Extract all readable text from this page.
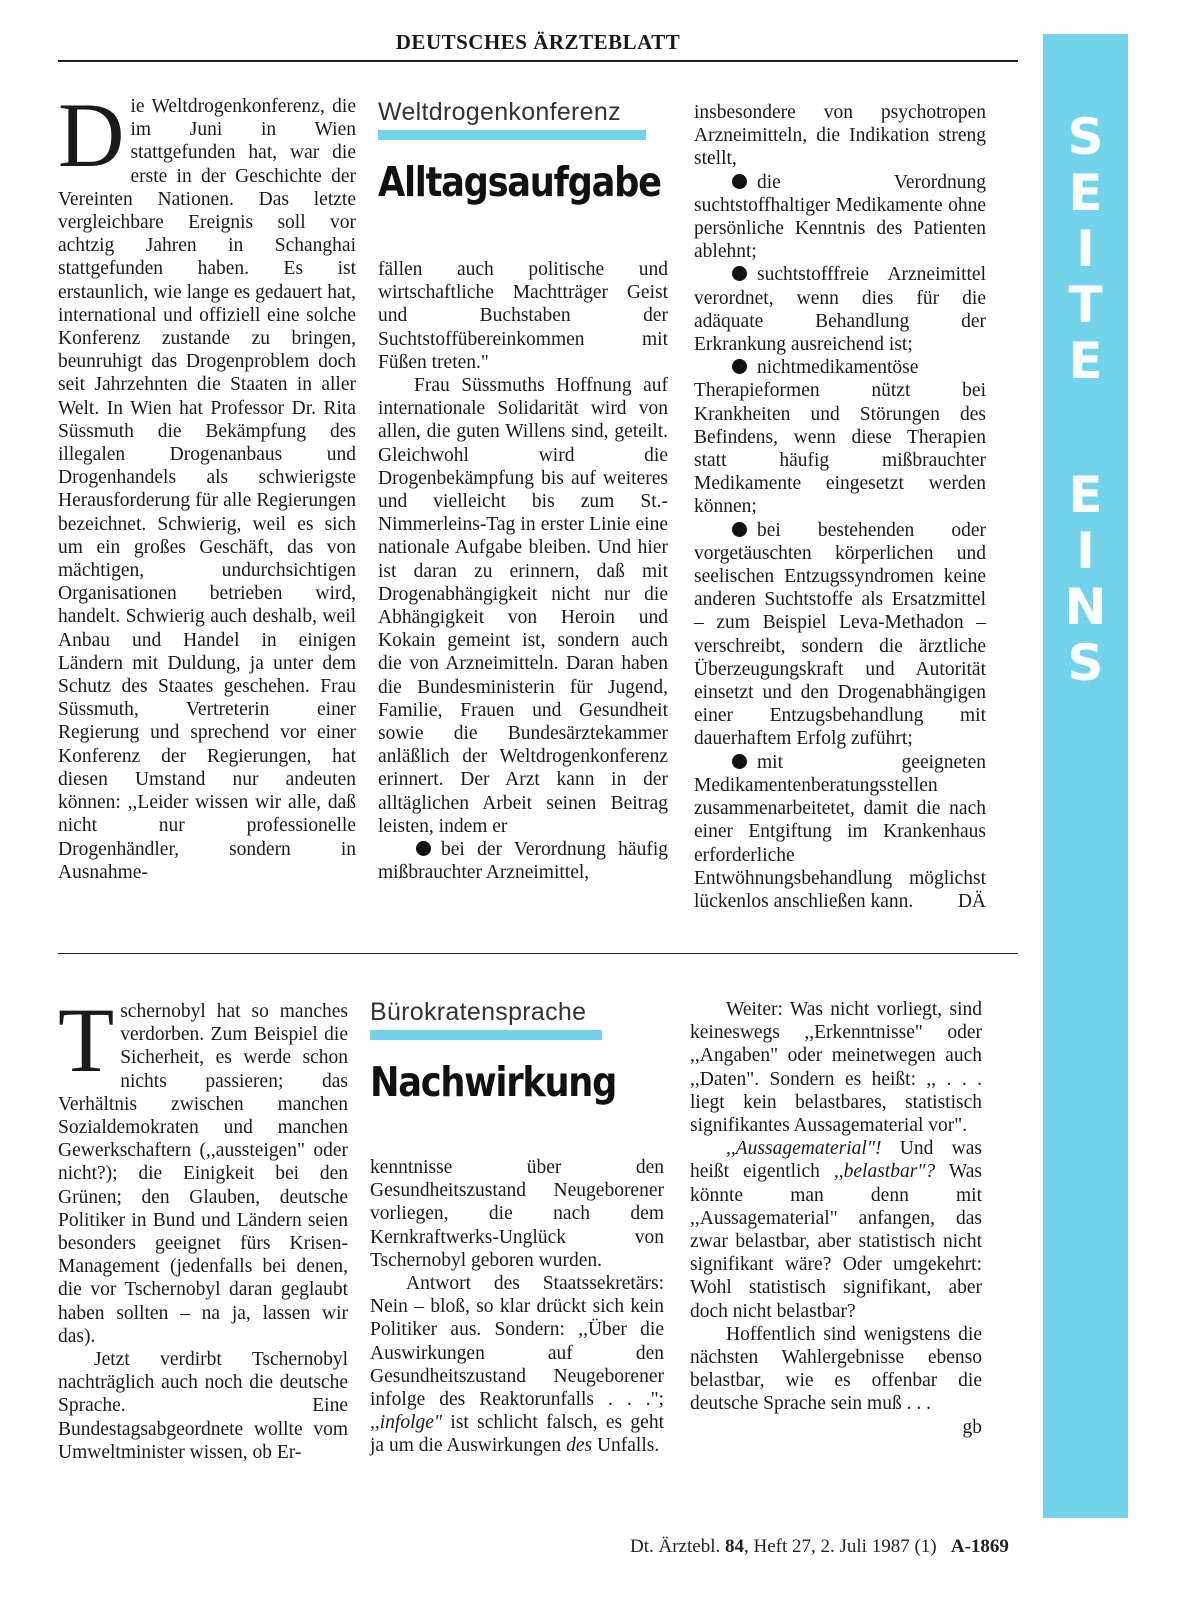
DEUTSCHES ÄRZTEBLATT
S
E
I
T
E
E
I
N
S

Die Weltdrogenkonferenz, die im Juni in Wien stattgefunden hat, war die erste in der Geschichte der Vereinten Nationen. Das letzte vergleichbare Ereignis soll vor achtzig Jahren in Schanghai stattgefunden haben. Es ist erstaunlich, wie lange es gedauert hat, international und offiziell eine solche Konferenz zustande zu bringen, beunruhigt das Drogenproblem doch seit Jahrzehnten die Staaten in aller Welt. In Wien hat Professor Dr. Rita Süssmuth die Bekämpfung des illegalen Drogenanbaus und Drogenhandels als schwierigste Herausforderung für alle Regierungen bezeichnet. Schwierig, weil es sich um ein großes Geschäft, das von mächtigen, undurchsichtigen Organisationen betrieben wird, handelt. Schwierig auch deshalb, weil Anbau und Handel in einigen Ländern mit Duldung, ja unter dem Schutz des Staates geschehen. Frau Süssmuth, Vertreterin einer Regierung und sprechend vor einer Konferenz der Regierungen, hat diesen Umstand nur andeuten können: ,,Leider wissen wir alle, daß nicht nur professionelle Drogenhändler, sondern in Ausnahme-

Weltdrogenkonferenz
Alltagsaufgabe

fällen auch politische und wirtschaftliche Machtträger Geist und Buchstaben der Suchtstoffübereinkommen mit Füßen treten."

Frau Süssmuths Hoffnung auf internationale Solidarität wird von allen, die guten Willens sind, geteilt. Gleichwohl wird die Drogenbekämpfung bis auf weiteres und vielleicht bis zum St.-Nimmerleins-Tag in erster Linie eine nationale Aufgabe bleiben. Und hier ist daran zu erinnern, daß mit Drogenabhängigkeit nicht nur die Abhängigkeit von Heroin und Kokain gemeint ist, sondern auch die von Arzneimitteln. Daran haben die Bundesministerin für Jugend, Familie, Frauen und Gesundheit sowie die Bundesärztekammer anläßlich der Weltdrogenkonferenz erinnert. Der Arzt kann in der alltäglichen Arbeit seinen Beitrag leisten, indem er

bei der Verordnung häufig mißbrauchter Arzneimittel,

insbesondere von psychotropen Arzneimitteln, die Indikation streng stellt,

die Verordnung suchtstoffhaltiger Medikamente ohne persönliche Kenntnis des Patienten ablehnt;

suchtstofffreie Arzneimittel verordnet, wenn dies für die adäquate Behandlung der Erkrankung ausreichend ist;

nichtmedikamentöse Therapieformen nützt bei Krankheiten und Störungen des Befindens, wenn diese Therapien statt häufig mißbrauchter Medikamente eingesetzt werden können;

bei bestehenden oder vorgetäuschten körperlichen und seelischen Entzugssyndromen keine anderen Suchtstoffe als Ersatzmittel – zum Beispiel Leva-Methadon – verschreibt, sondern die ärztliche Überzeugungskraft und Autorität einsetzt und den Drogenabhängigen einer Entzugsbehandlung mit dauerhaftem Erfolg zuführt;

mit geeigneten Medikamentenberatungsstellen zusammenarbeitetet, damit die nach einer Entgiftung im Krankenhaus erforderliche Entwöhnungsbehandlung möglichst lückenlos anschließen kann. DÄ

Tschernobyl hat so manches verdorben. Zum Beispiel die Sicherheit, es werde schon nichts passieren; das Verhältnis zwischen manchen Sozialdemokraten und manchen Gewerkschaftern (,,aussteigen" oder nicht?); die Einigkeit bei den Grünen; den Glauben, deutsche Politiker in Bund und Ländern seien besonders geeignet fürs Krisen-Management (jedenfalls bei denen, die vor Tschernobyl daran geglaubt haben sollten – na ja, lassen wir das).

Jetzt verdirbt Tschernobyl nachträglich auch noch die deutsche Sprache. Eine Bundestagsabgeordnete wollte vom Umweltminister wissen, ob Er-

Bürokratensprache
Nachwirkung

kenntnisse über den Gesundheitszustand Neugeborener vorliegen, die nach dem Kernkraftwerks-Unglück von Tschernobyl geboren wurden.

Antwort des Staatssekretärs: Nein – bloß, so klar drückt sich kein Politiker aus. Sondern: ,,Über die Auswirkungen auf den Gesundheitszustand Neugeborener infolge des Reaktorunfalls . . ."; ,,infolge" ist schlicht falsch, es geht ja um die Auswirkungen des Unfalls.

Weiter: Was nicht vorliegt, sind keineswegs ,,Erkenntnisse" oder ,,Angaben" oder meinetwegen auch ,,Daten". Sondern es heißt: ,, . . . liegt kein belastbares, statistisch signifikantes Aussagematerial vor".

,,Aussagematerial"! Und was heißt eigentlich ,,belastbar"? Was könnte man denn mit ,,Aussagematerial" anfangen, das zwar belastbar, aber statistisch nicht signifikant wäre? Oder umgekehrt: Wohl statistisch signifikant, aber doch nicht belastbar?

Hoffentlich sind wenigstens die nächsten Wahlergebnisse ebenso belastbar, wie es offenbar die deutsche Sprache sein muß . . .
gb

Dt. Ärztebl. 84, Heft 27, 2. Juli 1987 (1) A-1869
